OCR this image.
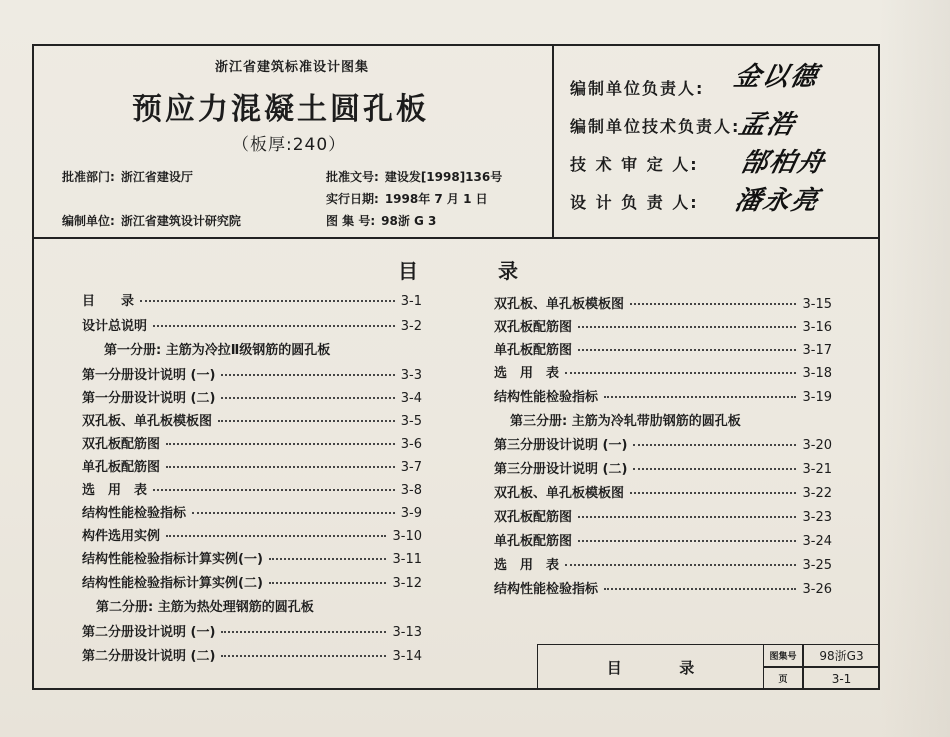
浙江省建筑标准设计图集
预应力混凝土圆孔板
（板厚:240）
批准部门: 浙江省建设厅
编制单位: 浙江省建筑设计研究院
批准文号: 建设发[1998]136号
实行日期: 1998年 7 月 1 日
图 集 号: 98浙 G 3
编制单位负责人: 金以德
编制单位技术负责人:
孟浩
技 术 审 定 人: 郜柏舟
设 计 负 责 人: 潘永亮
目	录
目　　录	3-1
设计总说明	3-2
第一分册: 主筋为冷拉Ⅱ级钢筋的圆孔板
第一分册设计说明 (一)	3-3
第一分册设计说明 (二)	3-4
双孔板、单孔板模板图	3-5
双孔板配筋图	3-6
单孔板配筋图	3-7
选　用　表	3-8
结构性能检验指标	3-9
构件选用实例	3-10
结构性能检验指标计算实例(一)	3-11
结构性能检验指标计算实例(二)	3-12
第二分册: 主筋为热处理钢筋的圆孔板
第二分册设计说明 (一)	3-13
第二分册设计说明 (二)	3-14
双孔板、单孔板模板图	3-15
双孔板配筋图	3-16
单孔板配筋图	3-17
选　用　表	3-18
结构性能检验指标	3-19
第三分册: 主筋为冷轧带肋钢筋的圆孔板
第三分册设计说明 (一)	3-20
第三分册设计说明 (二)	3-21
双孔板、单孔板模板图	3-22
双孔板配筋图	3-23
单孔板配筋图	3-24
选　用　表	3-25
结构性能检验指标	3-26
目	录
图集号 98浙G3
页	3-1
